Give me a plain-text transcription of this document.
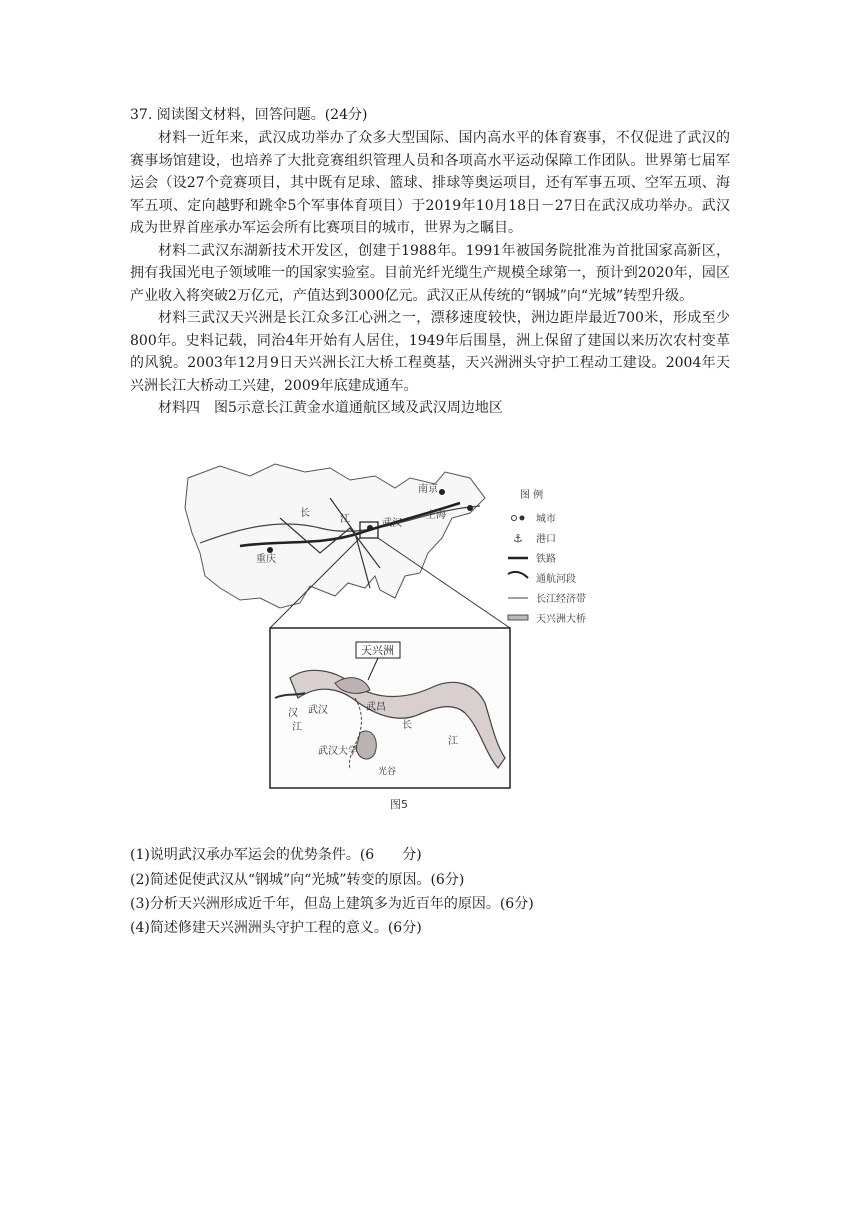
37. 阅读图文材料，回答问题。(24分)

材料一近年来，武汉成功举办了众多大型国际、国内高水平的体育赛事，不仅促进了武汉的赛事场馆建设，也培养了大批竞赛组织管理人员和各项高水平运动保障工作团队。世界第七届军运会（设27个竞赛项目，其中既有足球、篮球、排球等奥运项目，还有军事五项、空军五项、海军五项、定向越野和跳伞5个军事体育项目）于2019年10月18日－27日在武汉成功举办。武汉成为世界首座承办军运会所有比赛项目的城市，世界为之瞩目。

材料二武汉东湖新技术开发区，创建于1988年。1991年被国务院批准为首批国家高新区，拥有我国光电子领域唯一的国家实验室。目前光纤光缆生产规模全球第一，预计到2020年，园区产业收入将突破2万亿元，产值达到3000亿元。武汉正从传统的“钢城”向“光城”转型升级。

材料三武汉天兴洲是长江众多江心洲之一，漂移速度较快，洲边距岸最近700米，形成至少800年。史料记载，同治4年开始有人居住，1949年后围垦，洲上保留了建国以来历次农村变革的风貌。2003年12月9日天兴洲长江大桥工程奠基，天兴洲洲头守护工程动工建设。2004年天兴洲长江大桥动工兴建，2009年底建成通车。

材料四　图5示意长江黄金水道通航区域及武汉周边地区

南京
上海
武汉
重庆
长
江
图 例
城市
⚓ 港口
铁路
通航河段
长江经济带
天兴洲大桥
天兴洲
武汉	武昌
武汉大学
汉
江	长
江
光谷
图5
(1)说明武汉承办军运会的优势条件。(6　　分)
(2)简述促使武汉从“钢城”向“光城”转变的原因。(6分)
(3)分析天兴洲形成近千年，但岛上建筑多为近百年的原因。(6分)
(4)简述修建天兴洲洲头守护工程的意义。(6分)
